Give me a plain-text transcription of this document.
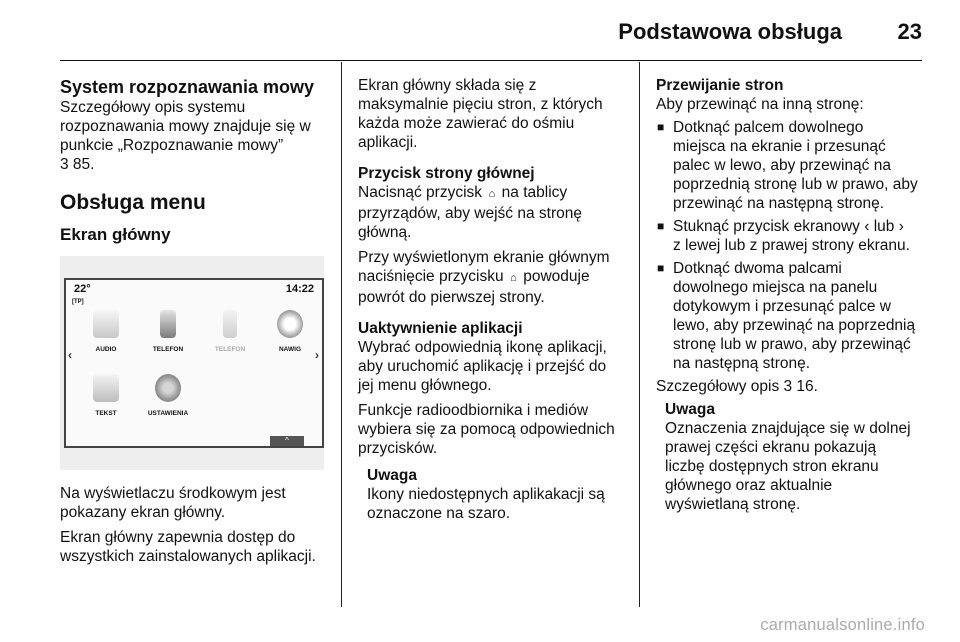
Podstawowa obsługa	23

System rozpoznawania mowy

Szczegółowy opis systemu

rozpoznawania mowy znajduje się w

punkcie „Rozpoznawanie mowy”

3 85.

Obsługa menu

Ekran główny

22°
[TP]
14:22
‹	›
AUDIO	TELEFON	TELEFON	NAWIG
TEKST	USTAWIENIA
^

Na wyświetlaczu środkowym jest

pokazany ekran główny.

Ekran główny zapewnia dostęp do

wszystkich zainstalowanych aplikacji.

Ekran główny składa się z

maksymalnie pięciu stron, z których

każda może zawierać do ośmiu

aplikacji.

Przycisk strony głównej

Nacisnąć przycisk ⌂ na tablicy

przyrządów, aby wejść na stronę

główną.

Przy wyświetlonym ekranie głównym

naciśnięcie przycisku ⌂ powoduje

powrót do pierwszej strony.

Uaktywnienie aplikacji

Wybrać odpowiednią ikonę aplikacji,

aby uruchomić aplikację i przejść do

jej menu głównego.

Funkcje radioodbiornika i mediów

wybiera się za pomocą odpowiednich

przycisków.

Uwaga

Ikony niedostępnych aplikakacji są

oznaczone na szaro.

Przewijanie stron

Aby przewinąć na inną stronę:

■ Dotknąć palcem dowolnego

miejsca na ekranie i przesunąć

palec w lewo, aby przewinąć na

poprzednią stronę lub w prawo, aby

przewinąć na następną stronę.

■ Stuknąć przycisk ekranowy ‹ lub ›

z lewej lub z prawej strony ekranu.

■ Dotknąć dwoma palcami

dowolnego miejsca na panelu

dotykowym i przesunąć palce w

lewo, aby przewinąć na poprzednią

stronę lub w prawo, aby przewinąć

na następną stronę.

Szczegółowy opis 3 16.

Uwaga

Oznaczenia znajdujące się w dolnej

prawej części ekranu pokazują

liczbę dostępnych stron ekranu

głównego oraz aktualnie

wyświetlaną stronę.

carmanualsonline.info
